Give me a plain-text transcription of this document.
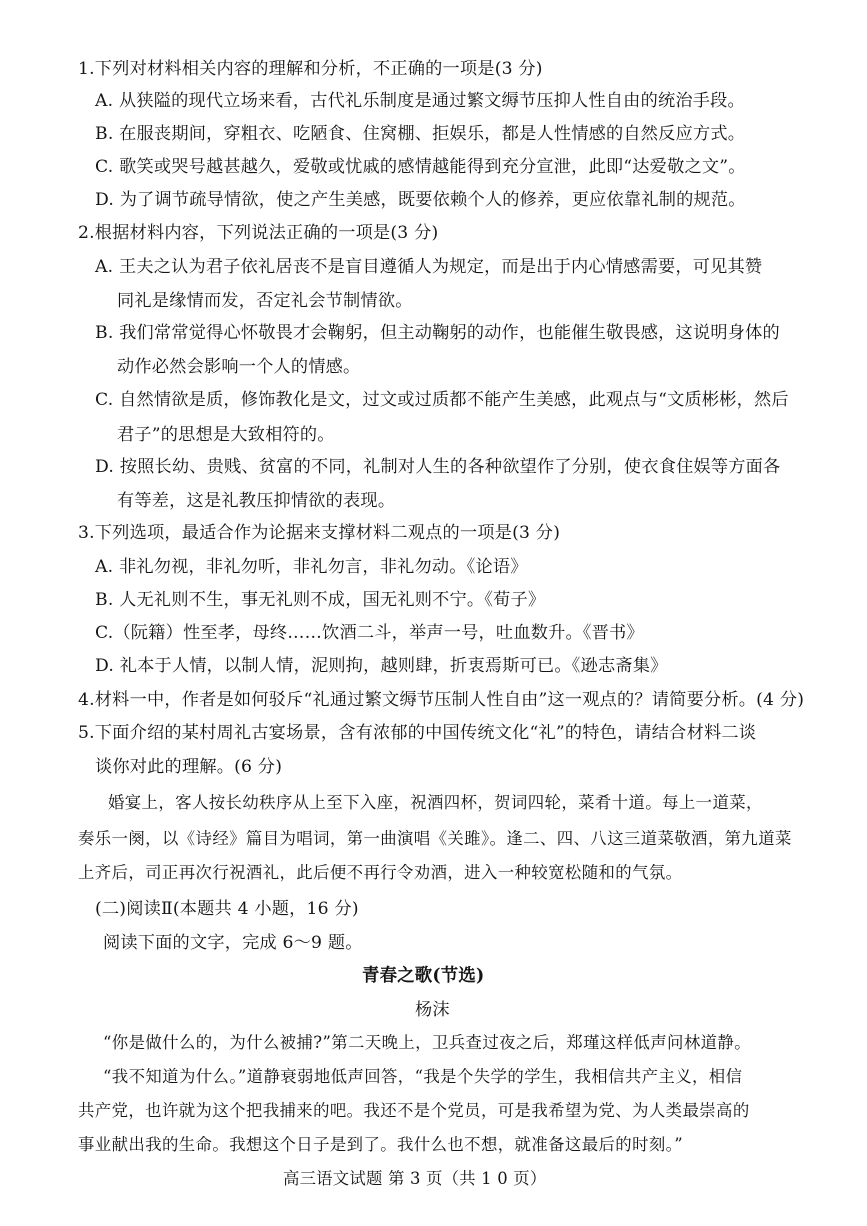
1.下列对材料相关内容的理解和分析，不正确的一项是(3 分)
A. 从狭隘的现代立场来看，古代礼乐制度是通过繁文缛节压抑人性自由的统治手段。
B. 在服丧期间，穿粗衣、吃陋食、住窝棚、拒娱乐，都是人性情感的自然反应方式。
C. 歌笑或哭号越甚越久，爱敬或忧戚的感情越能得到充分宣泄，此即“达爱敬之文”。
D. 为了调节疏导情欲，使之产生美感，既要依赖个人的修养，更应依靠礼制的规范。
2.根据材料内容，下列说法正确的一项是(3 分)
A. 王夫之认为君子依礼居丧不是盲目遵循人为规定，而是出于内心情感需要，可见其赞
同礼是缘情而发，否定礼会节制情欲。
B. 我们常常觉得心怀敬畏才会鞠躬，但主动鞠躬的动作，也能催生敬畏感，这说明身体的
动作必然会影响一个人的情感。
C. 自然情欲是质，修饰教化是文，过文或过质都不能产生美感，此观点与“文质彬彬，然后
君子”的思想是大致相符的。
D. 按照长幼、贵贱、贫富的不同，礼制对人生的各种欲望作了分别，使衣食住娱等方面各
有等差，这是礼教压抑情欲的表现。
3.下列选项，最适合作为论据来支撑材料二观点的一项是(3 分)
A. 非礼勿视，非礼勿听，非礼勿言，非礼勿动。《论语》
B. 人无礼则不生，事无礼则不成，国无礼则不宁。《荀子》
C.（阮籍）性至孝，母终……饮酒二斗，举声一号，吐血数升。《晋书》
D. 礼本于人情，以制人情，泥则拘，越则肆，折衷焉斯可已。《逊志斋集》
4.材料一中，作者是如何驳斥“礼通过繁文缛节压制人性自由”这一观点的？请简要分析。(4 分)
5.下面介绍的某村周礼古宴场景，含有浓郁的中国传统文化“礼”的特色，请结合材料二谈
谈你对此的理解。(6 分)
婚宴上，客人按长幼秩序从上至下入座，祝酒四杯，贺词四轮，菜肴十道。每上一道菜，
奏乐一阕，以《诗经》篇目为唱词，第一曲演唱《关雎》。逢二、四、八这三道菜敬酒，第九道菜
上齐后，司正再次行祝酒礼，此后便不再行令劝酒，进入一种较宽松随和的气氛。
(二)阅读Ⅱ(本题共 4 小题，16 分)
阅读下面的文字，完成 6～9 题。
青春之歌(节选)
杨沫
“你是做什么的，为什么被捕?”第二天晚上，卫兵查过夜之后，郑瑾这样低声问林道静。
“我不知道为什么。”道静衰弱地低声回答，“我是个失学的学生，我相信共产主义，相信
共产党，也许就为这个把我捕来的吧。我还不是个党员，可是我希望为党、为人类最崇高的
事业献出我的生命。我想这个日子是到了。我什么也不想，就准备这最后的时刻。”
高三语文试题 第 3 页（共 1 0 页）
